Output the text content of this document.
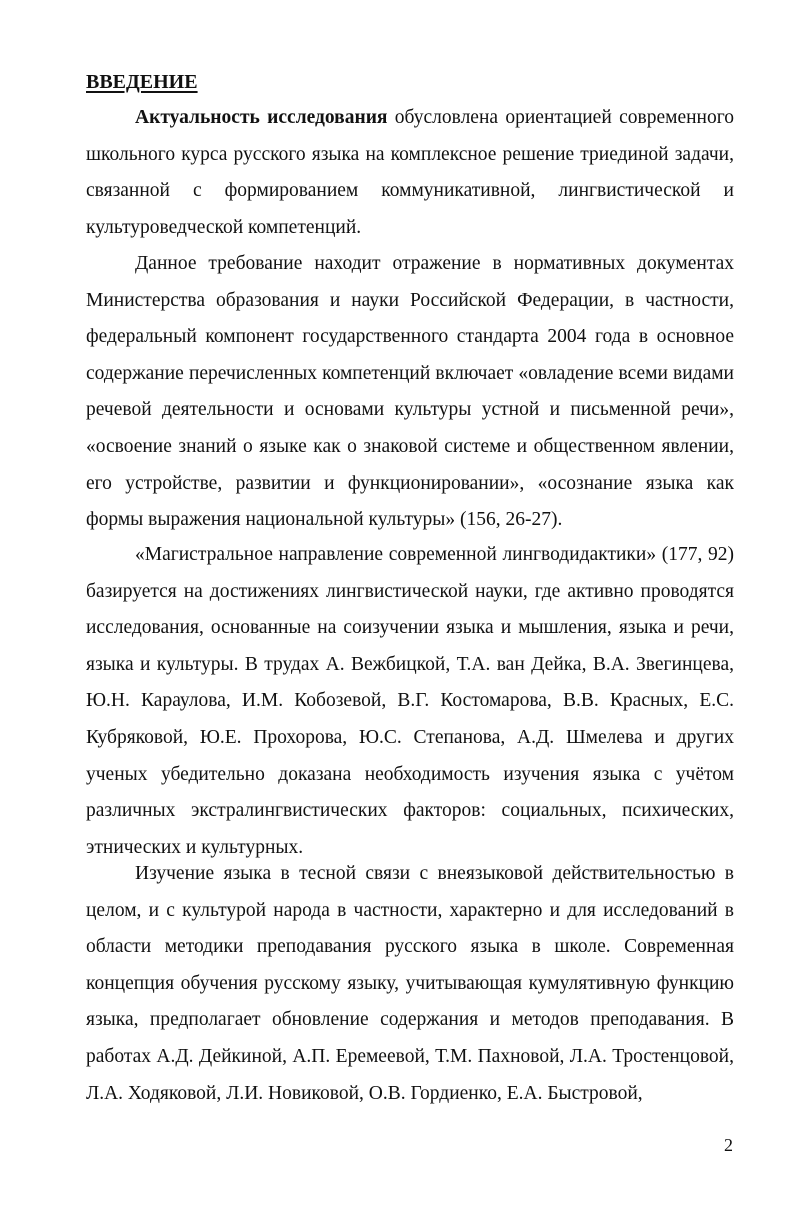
ВВЕДЕНИЕ

Актуальность исследования обусловлена ориентацией современного школьного курса русского языка на комплексное решение триединой задачи, связанной с формированием коммуникативной, лингвистической и культуроведческой компетенций.

Данное требование находит отражение в нормативных документах Министерства образования и науки Российской Федерации, в частности, федеральный компонент государственного стандарта 2004 года в основное содержание перечисленных компетенций включает «овладение всеми видами речевой деятельности и основами культуры устной и письменной речи», «освоение знаний о языке как о знаковой системе и общественном явлении, его устройстве, развитии и функционировании», «осознание языка как формы выражения национальной культуры» (156, 26-27).

«Магистральное направление современной лингводидактики» (177, 92) базируется на достижениях лингвистической науки, где активно проводятся исследования, основанные на соизучении языка и мышления, языка и речи, языка и культуры. В трудах А. Вежбицкой, Т.А. ван Дейка, В.А. Звегинцева, Ю.Н. Караулова, И.М. Кобозевой, В.Г. Костомарова, В.В. Красных, Е.С. Кубряковой, Ю.Е. Прохорова, Ю.С. Степанова, А.Д. Шмелева и других ученых убедительно доказана необходимость изучения языка с учётом различных экстралингвистических факторов: социальных, психических, этнических и культурных.

Изучение языка в тесной связи с внеязыковой действительностью в целом, и с культурой народа в частности, характерно и для исследований в области методики преподавания русского языка в школе. Современная концепция обучения русскому языку, учитывающая кумулятивную функцию языка, предполагает обновление содержания и методов преподавания. В работах А.Д. Дейкиной, А.П. Еремеевой, Т.М. Пахновой, Л.А. Тростенцовой, Л.А. Ходяковой, Л.И. Новиковой, О.В. Гордиенко, Е.А. Быстровой,

2
